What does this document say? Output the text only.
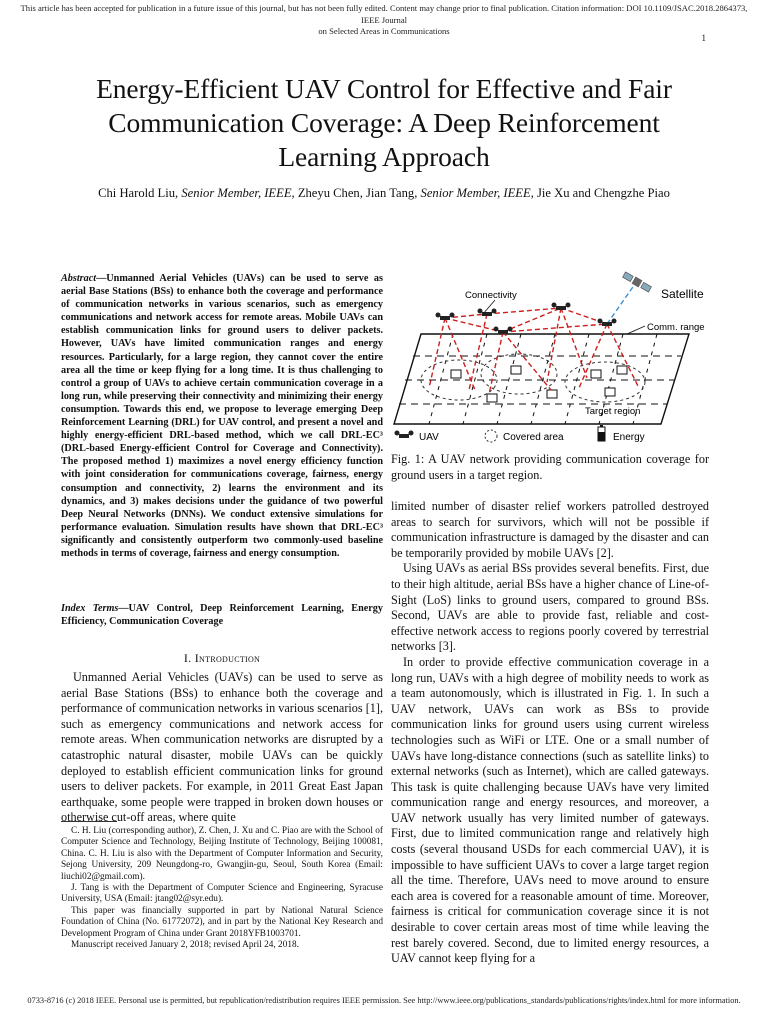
This article has been accepted for publication in a future issue of this journal, but has not been fully edited. Content may change prior to final publication. Citation information: DOI 10.1109/JSAC.2018.2864373, IEEE Journal
on Selected Areas in Communications
1
Energy-Efficient UAV Control for Effective and Fair
Communication Coverage: A Deep Reinforcement
Learning Approach
Chi Harold Liu, Senior Member, IEEE, Zheyu Chen, Jian Tang, Senior Member, IEEE, Jie Xu and Chengzhe Piao
Abstract—Unmanned Aerial Vehicles (UAVs) can be used to serve as aerial Base Stations (BSs) to enhance both the coverage and performance of communication networks in various scenarios, such as emergency communications and network access for remote areas. Mobile UAVs can establish communication links for ground users to deliver packets. However, UAVs have limited communication ranges and energy resources. Particularly, for a large region, they cannot cover the entire area all the time or keep flying for a long time. It is thus challenging to control a group of UAVs to achieve certain communication coverage in a long run, while preserving their connectivity and minimizing their energy consumption. Towards this end, we propose to leverage emerging Deep Reinforcement Learning (DRL) for UAV control, and present a novel and highly energy-efficient DRL-based method, which we call DRL-EC³ (DRL-based Energy-efficient Control for Coverage and Connectivity). The proposed method 1) maximizes a novel energy efficiency function with joint consideration for communications coverage, fairness, energy consumption and connectivity, 2) learns the environment and its dynamics, and 3) makes decisions under the guidance of two powerful Deep Neural Networks (DNNs). We conduct extensive simulations for performance evaluation. Simulation results have shown that DRL-EC³ significantly and consistently outperform two commonly-used baseline methods in terms of coverage, fairness and energy consumption.
Index Terms—UAV Control, Deep Reinforcement Learning, Energy Efficiency, Communication Coverage
I. Introduction

Unmanned Aerial Vehicles (UAVs) can be used to serve as aerial Base Stations (BSs) to enhance both the coverage and performance of communication networks in various scenarios [1], such as emergency communications and network access for remote areas. When communication networks are disrupted by a catastrophic natural disaster, mobile UAVs can be quickly deployed to establish efficient communication links for ground users to deliver packets. For example, in 2011 Great East Japan earthquake, some people were trapped in broken down houses or otherwise cut-off areas, where quite

C. H. Liu (corresponding author), Z. Chen, J. Xu and C. Piao are with the School of Computer Science and Technology, Beijing Institute of Technology, Beijing 100081, China. C. H. Liu is also with the Department of Computer Information and Security, Sejong University, 209 Neungdong-ro, Gwangjin-gu, Seoul, South Korea (Email: liuchi02@gmail.com).

J. Tang is with the Department of Computer Science and Engineering, Syracuse University, USA (Email: jtang02@syr.edu).

This paper was financially supported in part by National Natural Science Foundation of China (No. 61772072), and in part by the National Key Research and Development Program of China under Grant 2018YFB1003701.

Manuscript received January 2, 2018; revised April 24, 2018.

Connectivity	Satellite
Comm. range
Target region
UAV	Covered area	Energy
Fig. 1: A UAV network providing communication coverage for ground users in a target region.

limited number of disaster relief workers patrolled destroyed areas to search for survivors, which will not be possible if communication infrastructure is damaged by the disaster and can be temporarily provided by mobile UAVs [2].

Using UAVs as aerial BSs provides several benefits. First, due to their high altitude, aerial BSs have a higher chance of Line-of-Sight (LoS) links to ground users, compared to ground BSs. Second, UAVs are able to provide fast, reliable and cost-effective network access to regions poorly covered by terrestrial networks [3].

In order to provide effective communication coverage in a long run, UAVs with a high degree of mobility needs to work as a team autonomously, which is illustrated in Fig. 1. In such a UAV network, UAVs can work as BSs to provide communication links for ground users using current wireless technologies such as WiFi or LTE. One or a small number of UAVs have long-distance connections (such as satellite links) to external networks (such as Internet), which are called gateways. This task is quite challenging because UAVs have very limited communication range and energy resources, and moreover, a UAV network usually has very limited number of gateways. First, due to limited communication range and relatively high costs (several thousand USDs for each commercial UAV), it is impossible to have sufficient UAVs to cover a large target region all the time. Therefore, UAVs need to move around to ensure each area is covered for a reasonable amount of time. Moreover, fairness is critical for communication coverage since it is not desirable to cover certain areas most of time while leaving the rest barely covered. Second, due to limited energy resources, a UAV cannot keep flying for a

0733-8716 (c) 2018 IEEE. Personal use is permitted, but republication/redistribution requires IEEE permission. See http://www.ieee.org/publications_standards/publications/rights/index.html for more information.
